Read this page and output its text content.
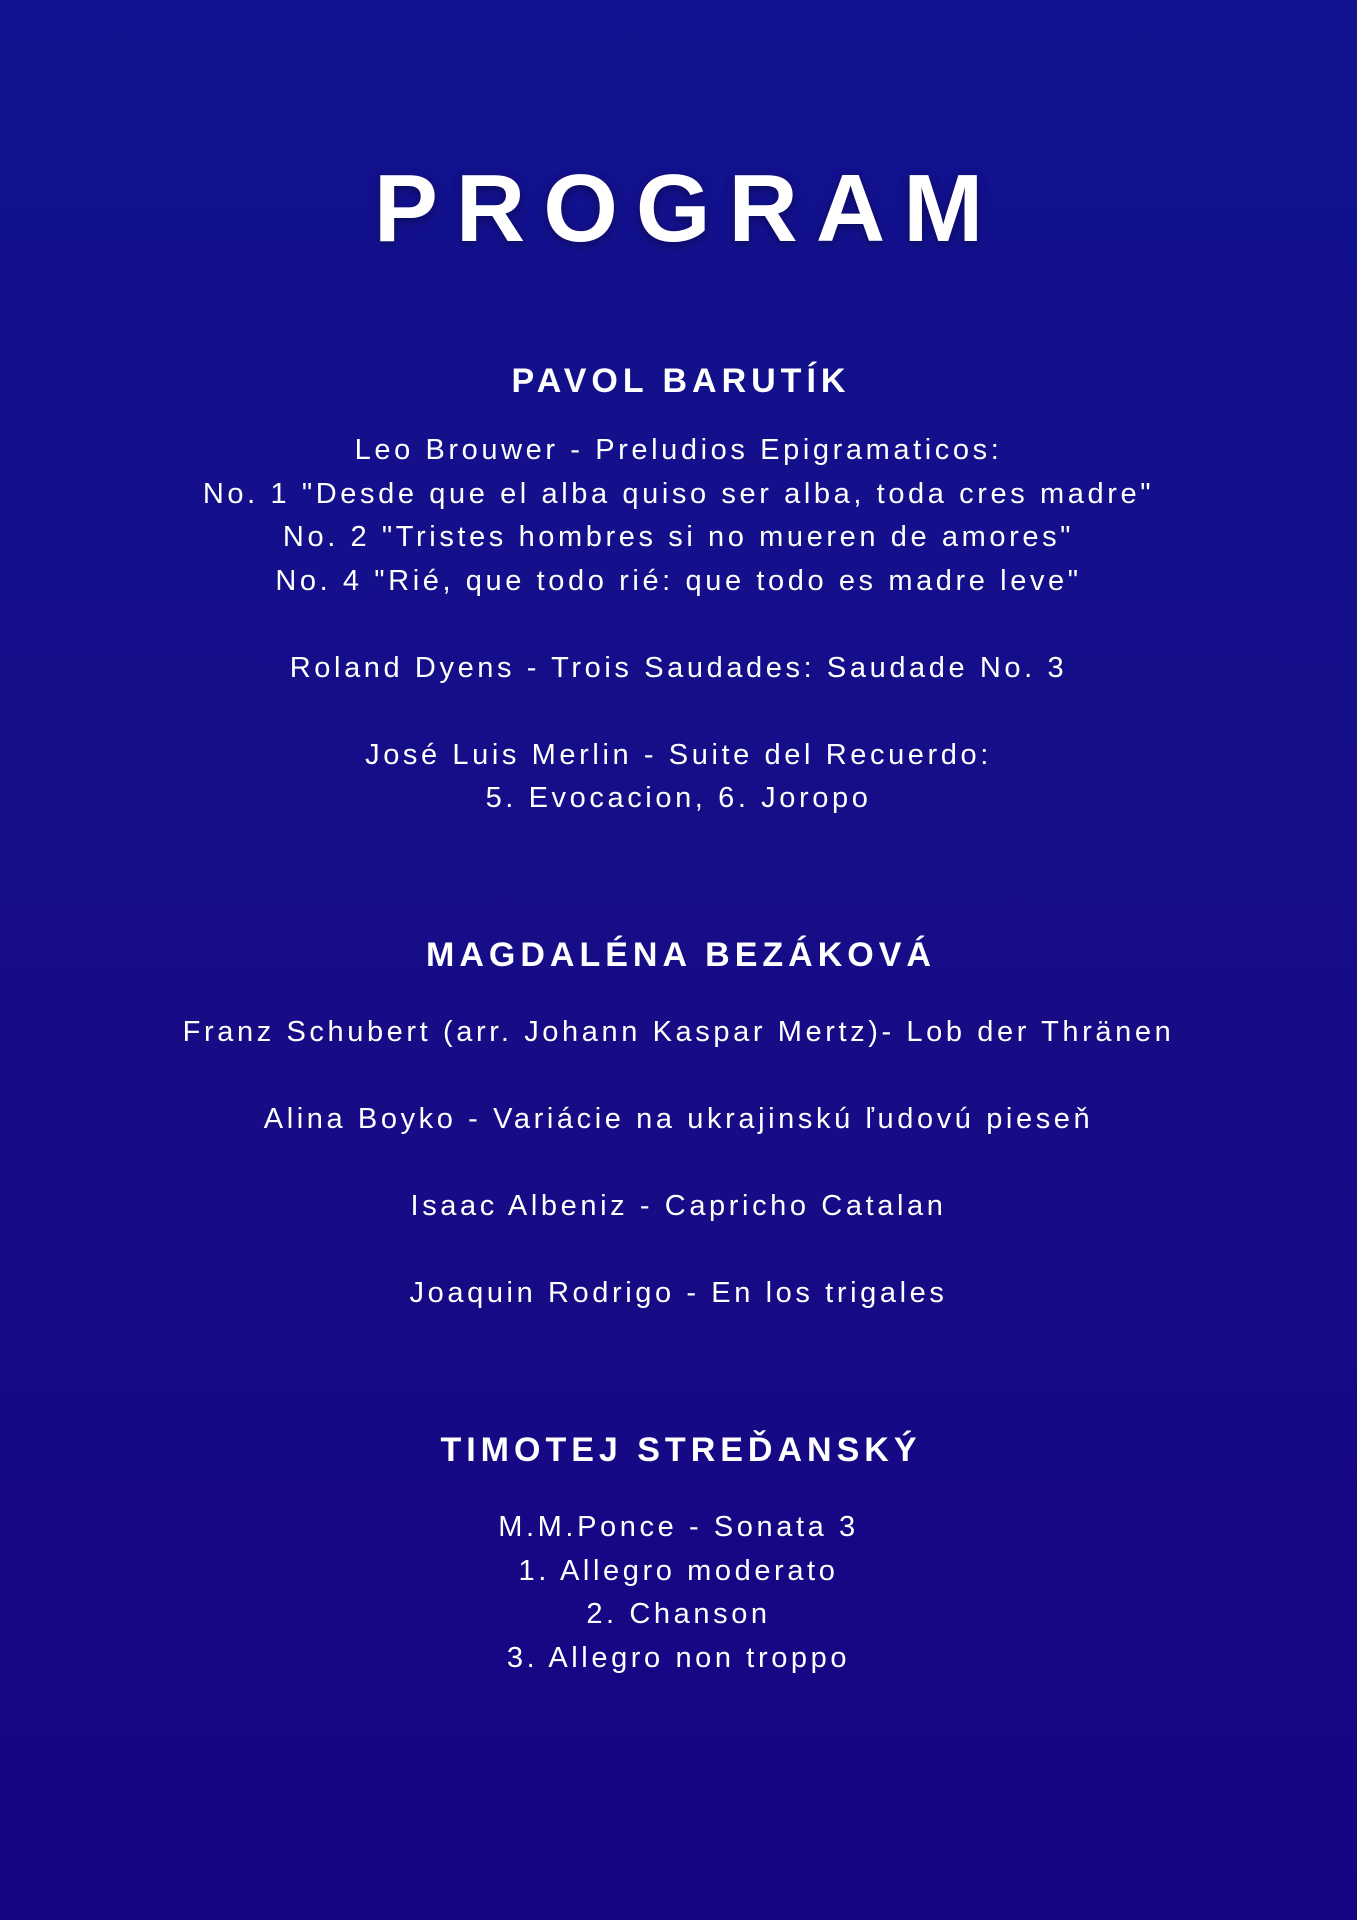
PROGRAM
PAVOL BARUTÍK
Leo Brouwer - Preludios Epigramaticos:
No. 1 "Desde que el alba quiso ser alba, toda cres madre"
No. 2 "Tristes hombres si no mueren de amores"
No. 4 "Rié, que todo rié: que todo es madre leve"
Roland Dyens - Trois Saudades: Saudade No. 3
José Luis Merlin - Suite del Recuerdo:
5. Evocacion, 6. Joropo
MAGDALÉNA BEZÁKOVÁ
Franz Schubert (arr. Johann Kaspar Mertz)- Lob der Thränen
Alina Boyko - Variácie na ukrajinskú ľudovú pieseň
Isaac Albeniz - Capricho Catalan
Joaquin Rodrigo - En los trigales
TIMOTEJ STREĎANSKÝ
M.M.Ponce - Sonata 3
1. Allegro moderato
2. Chanson
3. Allegro non troppo
